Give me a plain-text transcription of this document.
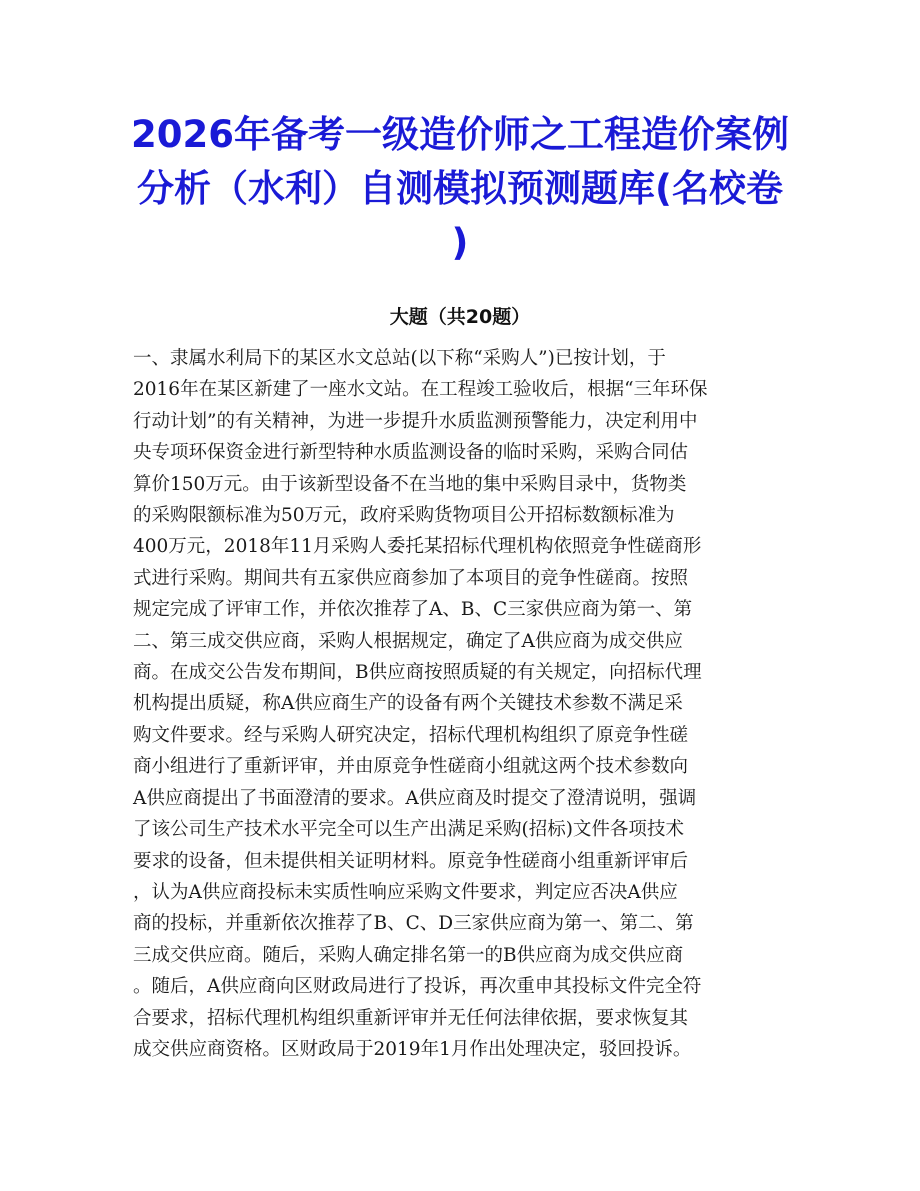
2026年备考一级造价师之工程造价案例
分析（水利）自测模拟预测题库(名校卷
)
大题（共20题）
一、隶属水利局下的某区水文总站(以下称“采购人”)已按计划，于
2016年在某区新建了一座水文站。在工程竣工验收后，根据“三年环保
行动计划”的有关精神，为进一步提升水质监测预警能力，决定利用中
央专项环保资金进行新型特种水质监测设备的临时采购，采购合同估
算价150万元。由于该新型设备不在当地的集中采购目录中，货物类
的采购限额标准为50万元，政府采购货物项目公开招标数额标准为
400万元，2018年11月采购人委托某招标代理机构依照竞争性磋商形
式进行采购。期间共有五家供应商参加了本项目的竞争性磋商。按照
规定完成了评审工作，并依次推荐了A、B、C三家供应商为第一、第
二、第三成交供应商，采购人根据规定，确定了A供应商为成交供应
商。在成交公告发布期间，B供应商按照质疑的有关规定，向招标代理
机构提出质疑，称A供应商生产的设备有两个关键技术参数不满足采
购文件要求。经与采购人研究决定，招标代理机构组织了原竞争性磋
商小组进行了重新评审，并由原竞争性磋商小组就这两个技术参数向
A供应商提出了书面澄清的要求。A供应商及时提交了澄清说明，强调
了该公司生产技术水平完全可以生产出满足采购(招标)文件各项技术
要求的设备，但未提供相关证明材料。原竞争性磋商小组重新评审后
，认为A供应商投标未实质性响应采购文件要求，判定应否决A供应
商的投标，并重新依次推荐了B、C、D三家供应商为第一、第二、第
三成交供应商。随后，采购人确定排名第一的B供应商为成交供应商
。随后，A供应商向区财政局进行了投诉，再次重申其投标文件完全符
合要求，招标代理机构组织重新评审并无任何法律依据，要求恢复其
成交供应商资格。区财政局于2019年1月作出处理决定，驳回投诉。
